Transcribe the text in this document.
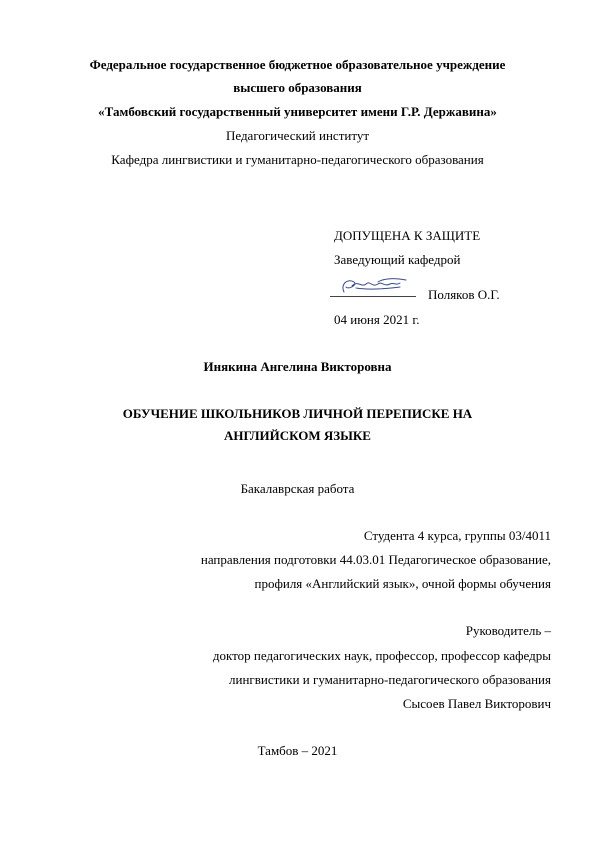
Федеральное государственное бюджетное образовательное учреждение
высшего образования
«Тамбовский государственный университет имени Г.Р. Державина»
Педагогический институт
Кафедра лингвистики и гуманитарно-педагогического образования
ДОПУЩЕНА К ЗАЩИТЕ
Заведующий кафедрой
Поляков О.Г.
04 июня 2021 г.
Инякина Ангелина Викторовна
ОБУЧЕНИЕ ШКОЛЬНИКОВ ЛИЧНОЙ ПЕРЕПИСКЕ НА
АНГЛИЙСКОМ ЯЗЫКЕ
Бакалаврская работа
Студента 4 курса, группы 03/4011
направления подготовки 44.03.01 Педагогическое образование,
профиля «Английский язык», очной формы обучения
Руководитель –
доктор педагогических наук, профессор, профессор кафедры
лингвистики и гуманитарно-педагогического образования
Сысоев Павел Викторович
Тамбов – 2021
